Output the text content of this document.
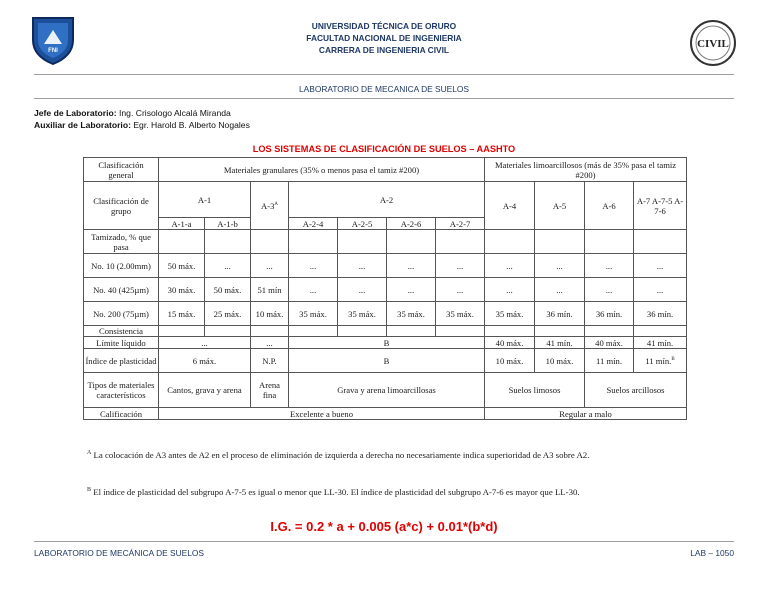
FNI
CIVIL
UNIVERSIDAD TÉCNICA DE ORURO
FACULTAD NACIONAL DE INGENIERIA
CARRERA DE INGENIERIA CIVIL
LABORATORIO DE MECANICA DE SUELOS
Jefe de Laboratorio: Ing. Crisologo Alcalá Miranda
Auxiliar de Laboratorio: Egr. Harold B. Alberto Nogales
LOS SISTEMAS DE CLASIFICACIÓN DE SUELOS – AASHTO
Clasificación general	Materiales granulares (35% o menos pasa el tamiz #200)							Materiales limoarcillosos (más de 35% pasa el tamiz #200)			
Clasificación de grupo	A-1		$A-3^A$	A-2				A-4	A-5	A-6	A-7 A-7-5 A-7-6
	A-1-a	A-1-b		A-2-4	A-2-5	A-2-6	A-2-7				
Tamizado, % que pasa											
No. 10 (2.00mm)	50 máx.	...	...	...	...	...	...	...	...	...	...
No. 40 (425µm)	30 máx.	50 máx.	51 mín	...	...	...	...	...	...	...	...
No. 200 (75µm)	15 máx.	25 máx.	10 máx.	35 máx.	35 máx.	35 máx.	35 máx.	35 máx.	36 mín.	36 mín.	36 mín.
Consistencia											
Límite líquido	...		...	B				40 máx.	41 mín.	40 máx.	41 mín.
Índice de plasticidad	6 máx.		N.P.	B				10 máx.	10 máx.	11 mín.	11 mín.$^B$
Tipos de materiales característicos	Cantos, grava y arena		Arena fina	Grava y arena limoarcillosas				Suelos limosos		Suelos arcillosos	
Calificación	Excelente a bueno							Regular a malo			
$^A$ La colocación de A3 antes de A2 en el proceso de eliminación de izquierda a derecha no necesariamente indica superioridad de A3 sobre A2.
$^B$ El índice de plasticidad del subgrupo A-7-5 es igual o menor que LL-30. El índice de plasticidad del subgrupo A-7-6 es mayor que LL-30.
I.G. = 0.2 * a + 0.005 (a*c) + 0.01*(b*d)
LABORATORIO DE MECÁNICA DE SUELOS	LAB – 1050
